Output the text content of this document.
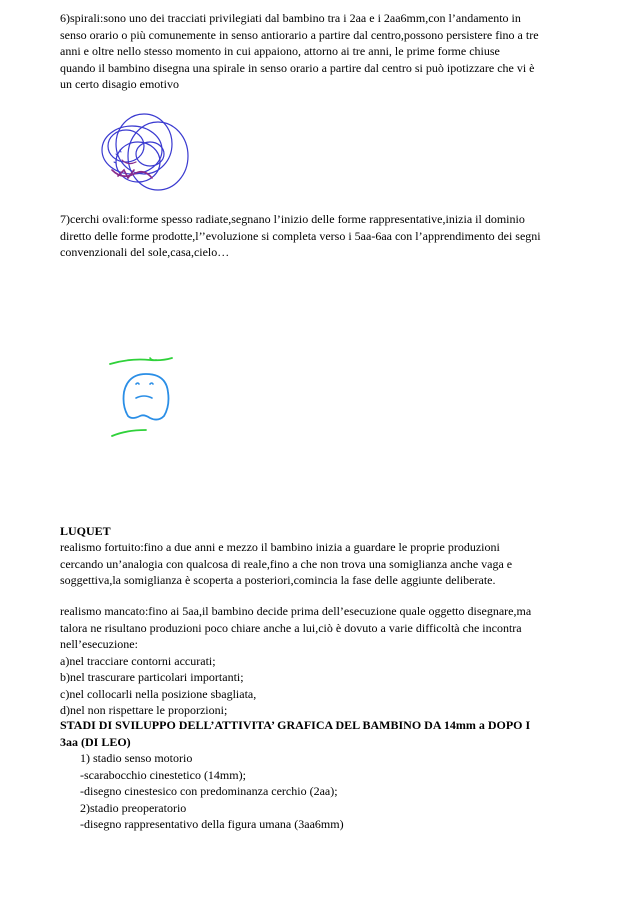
6)spirali:sono uno dei tracciati privilegiati dal bambino tra i 2aa e i 2aa6mm,con l’andamento in
senso orario o più comunemente in senso antiorario a partire dal centro,possono persistere fino a tre
anni e oltre nello stesso momento in cui appaiono, attorno ai tre anni, le prime forme chiuse
quando il bambino disegna una spirale in senso orario a partire dal centro si può ipotizzare che vi è
un certo disagio emotivo
7)cerchi ovali:forme spesso radiate,segnano l’inizio delle forme rappresentative,inizia il dominio
diretto delle forme prodotte,l’’evoluzione si completa verso i 5aa-6aa con l’apprendimento dei segni
convenzionali del sole,casa,cielo…
LUQUET
realismo fortuito:fino a due anni e mezzo il bambino inizia a guardare le proprie produzioni
cercando un’analogia con qualcosa di reale,fino a che non trova una somiglianza anche vaga e
soggettiva,la somiglianza è scoperta a posteriori,comincia la fase delle aggiunte deliberate.
realismo mancato:fino ai 5aa,il bambino decide prima dell’esecuzione quale oggetto disegnare,ma
talora ne risultano produzioni poco chiare anche a lui,ciò è dovuto a varie difficoltà che incontra
nell’esecuzione:
a)nel tracciare contorni accurati;
b)nel trascurare particolari importanti;
c)nel collocarli nella posizione sbagliata,
d)nel non rispettare le proporzioni;
STADI DI SVILUPPO DELL’ATTIVITA’ GRAFICA DEL BAMBINO DA 14mm a DOPO I
3aa (DI LEO)
1) stadio senso motorio
-scarabocchio cinestetico (14mm);
-disegno cinestesico con predominanza cerchio (2aa);
2)stadio preoperatorio
-disegno rappresentativo della figura umana (3aa6mm)
